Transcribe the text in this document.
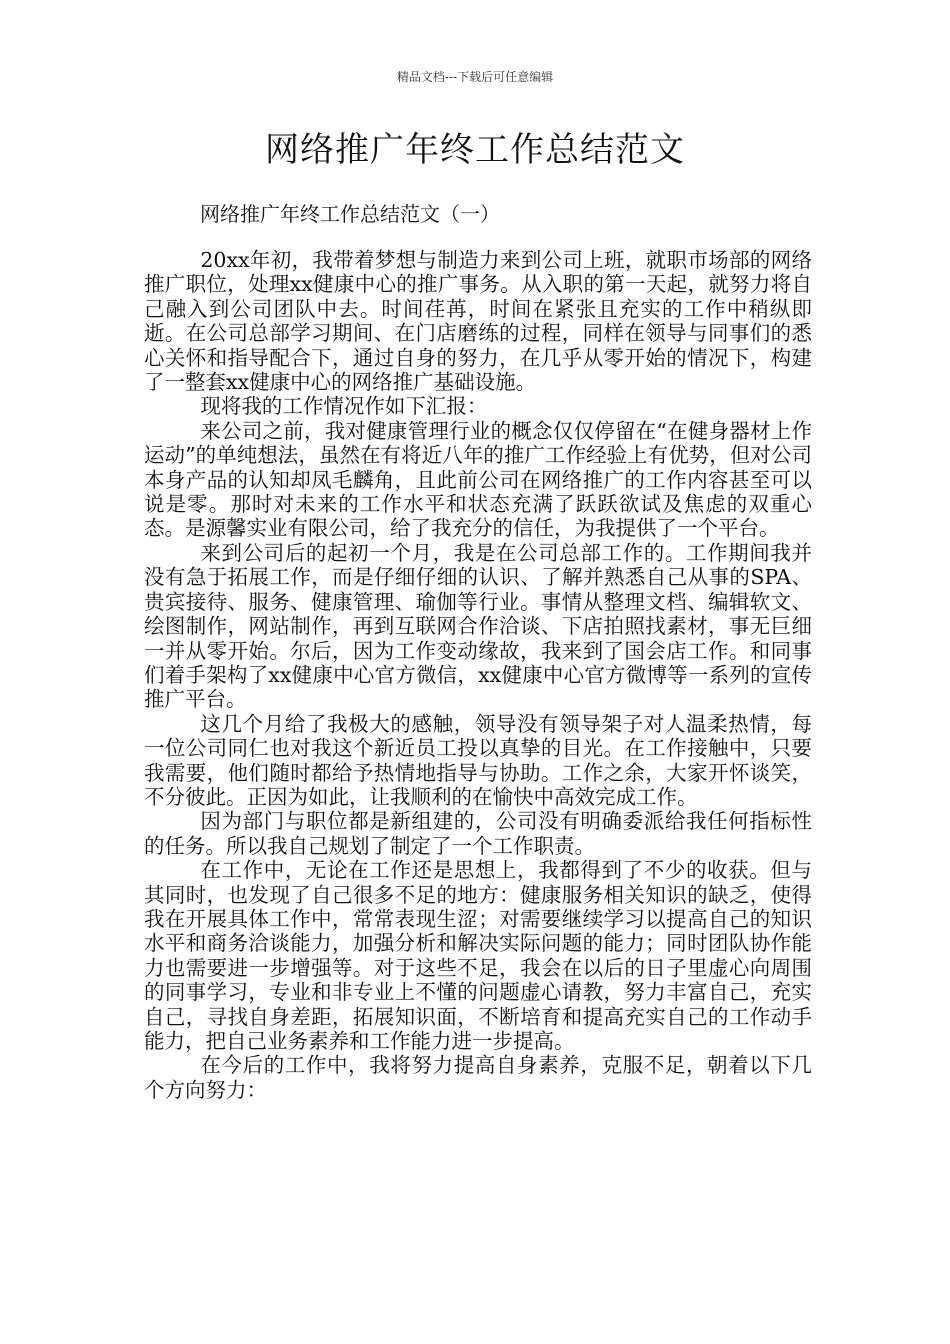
精品文档---下载后可任意编辑
网络推广年终工作总结范文
网络推广年终工作总结范文（一）

20xx年初，我带着梦想与制造力来到公司上班，就职市场部的网络推广职位，处理xx健康中心的推广事务。从入职的第一天起，就努力将自己融入到公司团队中去。时间荏苒，时间在紧张且充实的工作中稍纵即逝。在公司总部学习期间、在门店磨练的过程，同样在领导与同事们的悉心关怀和指导配合下，通过自身的努力，在几乎从零开始的情况下，构建了一整套xx健康中心的网络推广基础设施。

现将我的工作情况作如下汇报：

来公司之前，我对健康管理行业的概念仅仅停留在“在健身器材上作运动”的单纯想法，虽然在有将近八年的推广工作经验上有优势，但对公司本身产品的认知却凤毛麟角，且此前公司在网络推广的工作内容甚至可以说是零。那时对未来的工作水平和状态充满了跃跃欲试及焦虑的双重心态。是源馨实业有限公司，给了我充分的信任，为我提供了一个平台。

来到公司后的起初一个月，我是在公司总部工作的。工作期间我并没有急于拓展工作，而是仔细仔细的认识、了解并熟悉自己从事的SPA、贵宾接待、服务、健康管理、瑜伽等行业。事情从整理文档、编辑软文、绘图制作，网站制作，再到互联网合作洽谈、下店拍照找素材，事无巨细一并从零开始。尔后，因为工作变动缘故，我来到了国会店工作。和同事们着手架构了xx健康中心官方微信，xx健康中心官方微博等一系列的宣传推广平台。

这几个月给了我极大的感触，领导没有领导架子对人温柔热情，每一位公司同仁也对我这个新近员工投以真挚的目光。在工作接触中，只要我需要，他们随时都给予热情地指导与协助。工作之余，大家开怀谈笑，不分彼此。正因为如此，让我顺利的在愉快中高效完成工作。

因为部门与职位都是新组建的，公司没有明确委派给我任何指标性的任务。所以我自己规划了制定了一个工作职责。

在工作中，无论在工作还是思想上，我都得到了不少的收获。但与其同时，也发现了自己很多不足的地方：健康服务相关知识的缺乏，使得我在开展具体工作中，常常表现生涩；对需要继续学习以提高自己的知识水平和商务洽谈能力，加强分析和解决实际问题的能力；同时团队协作能力也需要进一步增强等。对于这些不足，我会在以后的日子里虚心向周围的同事学习，专业和非专业上不懂的问题虚心请教，努力丰富自己，充实自己，寻找自身差距，拓展知识面，不断培育和提高充实自己的工作动手能力，把自己业务素养和工作能力进一步提高。

在今后的工作中，我将努力提高自身素养，克服不足，朝着以下几个方向努力：
